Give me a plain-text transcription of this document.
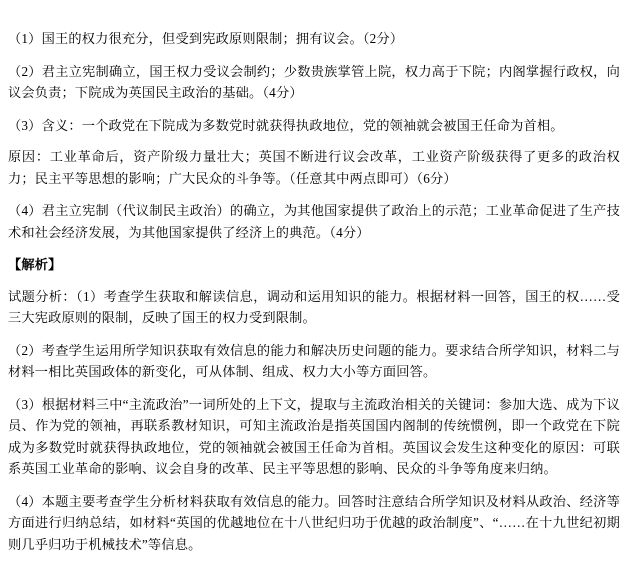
（1）国王的权力很充分，但受到宪政原则限制；拥有议会。（2分）
（2）君主立宪制确立，国王权力受议会制约；少数贵族掌管上院，权力高于下院；内阁掌握行政权，向议会负责；下院成为英国民主政治的基础。（4分）
（3）含义：一个政党在下院成为多数党时就获得执政地位，党的领袖就会被国王任命为首相。
原因：工业革命后，资产阶级力量壮大；英国不断进行议会改革，工业资产阶级获得了更多的政治权力；民主平等思想的影响；广大民众的斗争等。（任意其中两点即可）（6分）
（4）君主立宪制（代议制民主政治）的确立，为其他国家提供了政治上的示范；工业革命促进了生产技术和社会经济发展，为其他国家提供了经济上的典范。（4分）
【解析】
试题分析：（1）考查学生获取和解读信息，调动和运用知识的能力。根据材料一回答，国王的权……受三大宪政原则的限制，反映了国王的权力受到限制。
（2）考查学生运用所学知识获取有效信息的能力和解决历史问题的能力。要求结合所学知识，材料二与材料一相比英国政体的新变化，可从体制、组成、权力大小等方面回答。
（3）根据材料三中“主流政治”一词所处的上下文，提取与主流政治相关的关键词：参加大选、成为下议员、作为党的领袖，再联系教材知识，可知主流政治是指英国国内阁制的传统惯例，即一个政党在下院成为多数党时就获得执政地位，党的领袖就会被国王任命为首相。英国议会发生这种变化的原因：可联系英国工业革命的影响、议会自身的改革、民主平等思想的影响、民众的斗争等角度来归纳。
（4）本题主要考查学生分析材料获取有效信息的能力。回答时注意结合所学知识及材料从政治、经济等方面进行归纳总结，如材料“英国的优越地位在十八世纪归功于优越的政治制度”、“……在十九世纪初期则几乎归功于机械技术”等信息。
